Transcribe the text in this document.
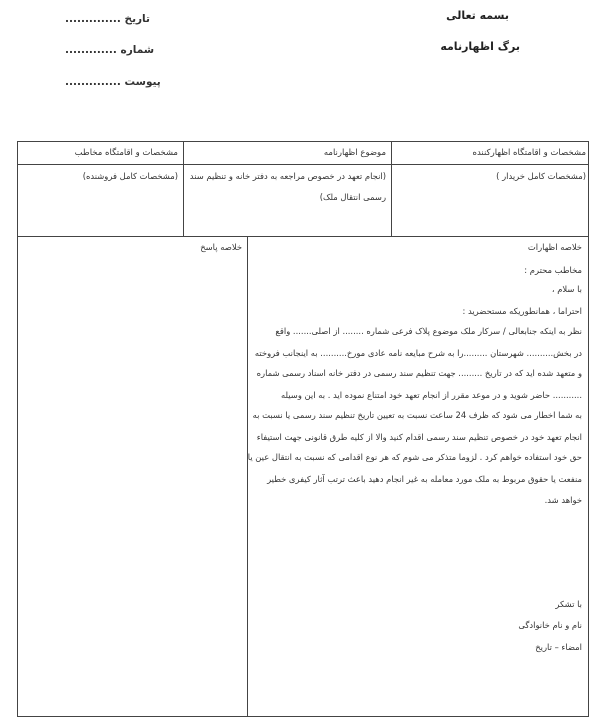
بسمه تعالی
برگ اظهارنامه
تاریخ ..............
شماره .............
پیوست ..............
مشخصات و اقامتگاه اظهارکننده
موضوع اظهارنامه
مشخصات و اقامتگاه مخاطب
(مشخصات کامل خریدار )
(انجام تعهد در خصوص مراجعه به دفتر خانه و تنظیم سند
رسمی انتقال ملک)
(مشخصات کامل فروشنده)
خلاصه پاسخ	خلاصه اظهارات
مخاطب محترم :
با سلام ،
احتراما ، همانطوریکه مستحضرید :
نظر به اینکه جنابعالی / سرکار ملک موضوع پلاک فرعی شماره ........ از اصلی....... واقع
در بخش.......... شهرستان .........را به شرح مبایعه نامه عادی مورخ.......... به اینجانب فروخته
و متعهد شده اید که در تاریخ ......... جهت تنظیم سند رسمی در دفتر خانه اسناد رسمی شماره
........... حاضر شوید و در موعد مقرر از انجام تعهد خود امتناع نموده اید . به این وسیله
به شما اخطار می شود که ظرف 24 ساعت نسبت به تعیین تاریخ تنظیم سند رسمی یا نسبت به
انجام تعهد خود در خصوص تنظیم سند رسمی اقدام کنید والا از کلیه طرق قانونی جهت استیفاء
حق خود استفاده خواهم کرد . لزوما متذکر می شوم که هر نوع اقدامی که نسبت به انتقال عین یا
منفعت یا حقوق مربوط به ملک مورد معامله به غیر انجام دهید باعث ترتب آثار کیفری خطیر
خواهد شد.
با تشکر
نام و نام خانوادگی
امضاء – تاریخ
